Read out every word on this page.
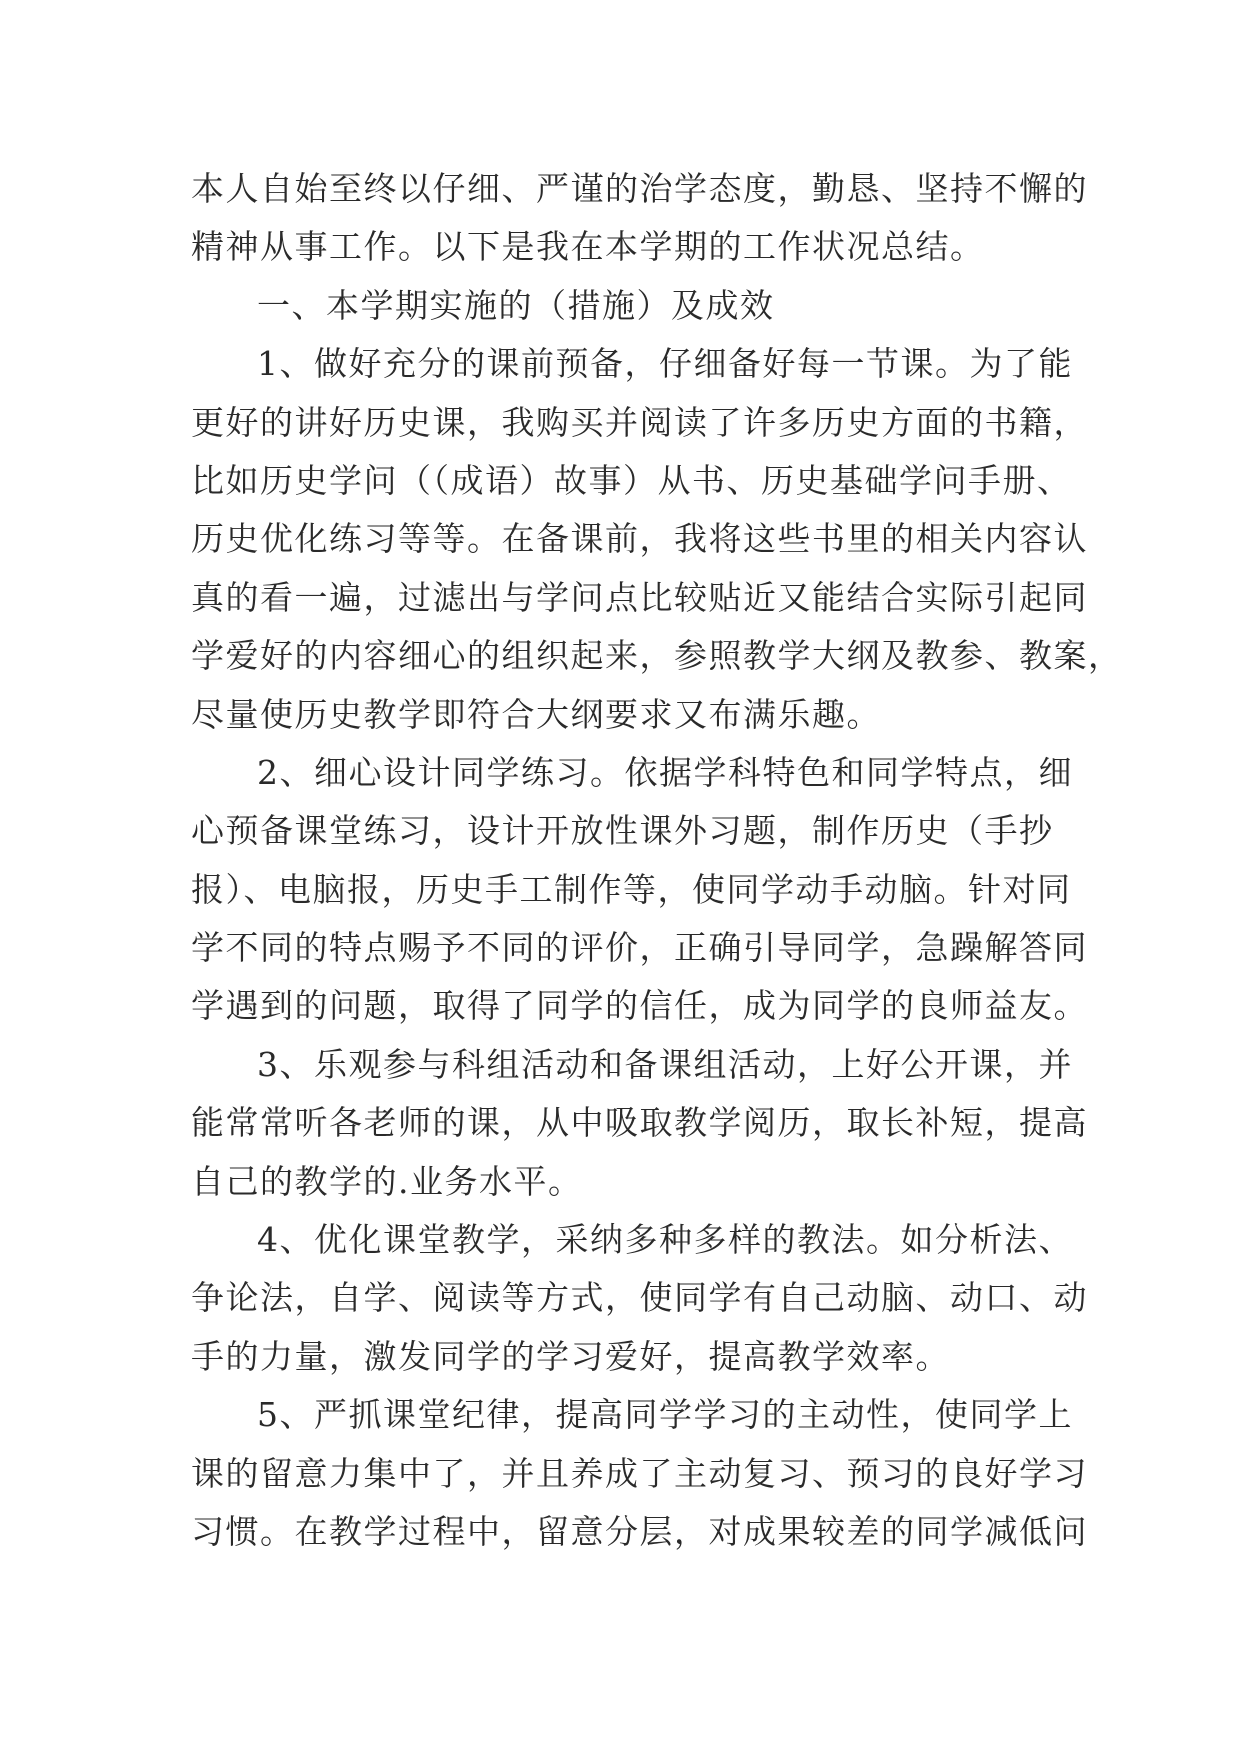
本人自始至终以仔细、严谨的治学态度，勤恳、坚持不懈的
精神从事工作。以下是我在本学期的工作状况总结。
一、本学期实施的（措施）及成效
1、做好充分的课前预备，仔细备好每一节课。为了能
更好的讲好历史课，我购买并阅读了许多历史方面的书籍，
比如历史学问（（成语）故事）从书、历史基础学问手册、
历史优化练习等等。在备课前，我将这些书里的相关内容认
真的看一遍，过滤出与学问点比较贴近又能结合实际引起同
学爱好的内容细心的组织起来，参照教学大纲及教参、教案，
尽量使历史教学即符合大纲要求又布满乐趣。
2、细心设计同学练习。依据学科特色和同学特点，细
心预备课堂练习，设计开放性课外习题，制作历史（手抄
报）、电脑报，历史手工制作等，使同学动手动脑。针对同
学不同的特点赐予不同的评价，正确引导同学，急躁解答同
学遇到的问题，取得了同学的信任，成为同学的良师益友。
3、乐观参与科组活动和备课组活动，上好公开课，并
能常常听各老师的课，从中吸取教学阅历，取长补短，提高
自己的教学的.业务水平。
4、优化课堂教学，采纳多种多样的教法。如分析法、
争论法，自学、阅读等方式，使同学有自己动脑、动口、动
手的力量，激发同学的学习爱好，提高教学效率。
5、严抓课堂纪律，提高同学学习的主动性，使同学上
课的留意力集中了，并且养成了主动复习、预习的良好学习
习惯。在教学过程中，留意分层，对成果较差的同学减低问
